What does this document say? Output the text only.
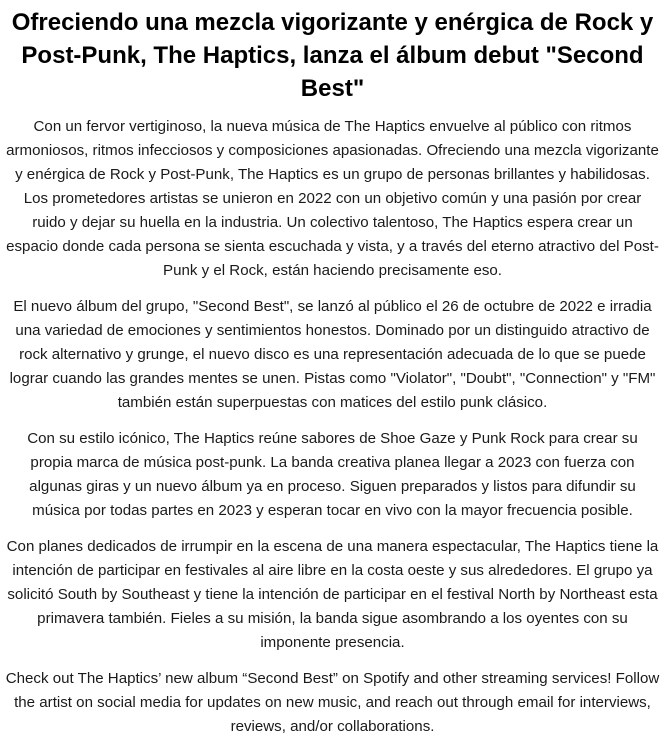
Ofreciendo una mezcla vigorizante y enérgica de Rock y Post-Punk, The Haptics, lanza el álbum debut "Second Best"

Con un fervor vertiginoso, la nueva música de The Haptics envuelve al público con ritmos armoniosos, ritmos infecciosos y composiciones apasionadas. Ofreciendo una mezcla vigorizante y enérgica de Rock y Post-Punk, The Haptics es un grupo de personas brillantes y habilidosas. Los prometedores artistas se unieron en 2022 con un objetivo común y una pasión por crear ruido y dejar su huella en la industria. Un colectivo talentoso, The Haptics espera crear un espacio donde cada persona se sienta escuchada y vista, y a través del eterno atractivo del Post-Punk y el Rock, están haciendo precisamente eso.

El nuevo álbum del grupo, "Second Best", se lanzó al público el 26 de octubre de 2022 e irradia una variedad de emociones y sentimientos honestos. Dominado por un distinguido atractivo de rock alternativo y grunge, el nuevo disco es una representación adecuada de lo que se puede lograr cuando las grandes mentes se unen. Pistas como "Violator", "Doubt", "Connection" y "FM" también están superpuestas con matices del estilo punk clásico.

Con su estilo icónico, The Haptics reúne sabores de Shoe Gaze y Punk Rock para crear su propia marca de música post-punk. La banda creativa planea llegar a 2023 con fuerza con algunas giras y un nuevo álbum ya en proceso. Siguen preparados y listos para difundir su música por todas partes en 2023 y esperan tocar en vivo con la mayor frecuencia posible.

Con planes dedicados de irrumpir en la escena de una manera espectacular, The Haptics tiene la intención de participar en festivales al aire libre en la costa oeste y sus alrededores. El grupo ya solicitó South by Southeast y tiene la intención de participar en el festival North by Northeast esta primavera también. Fieles a su misión, la banda sigue asombrando a los oyentes con su imponente presencia.

Check out The Haptics’ new album “Second Best” on Spotify and other streaming services! Follow the artist on social media for updates on new music, and reach out through email for interviews, reviews, and/or collaborations.
